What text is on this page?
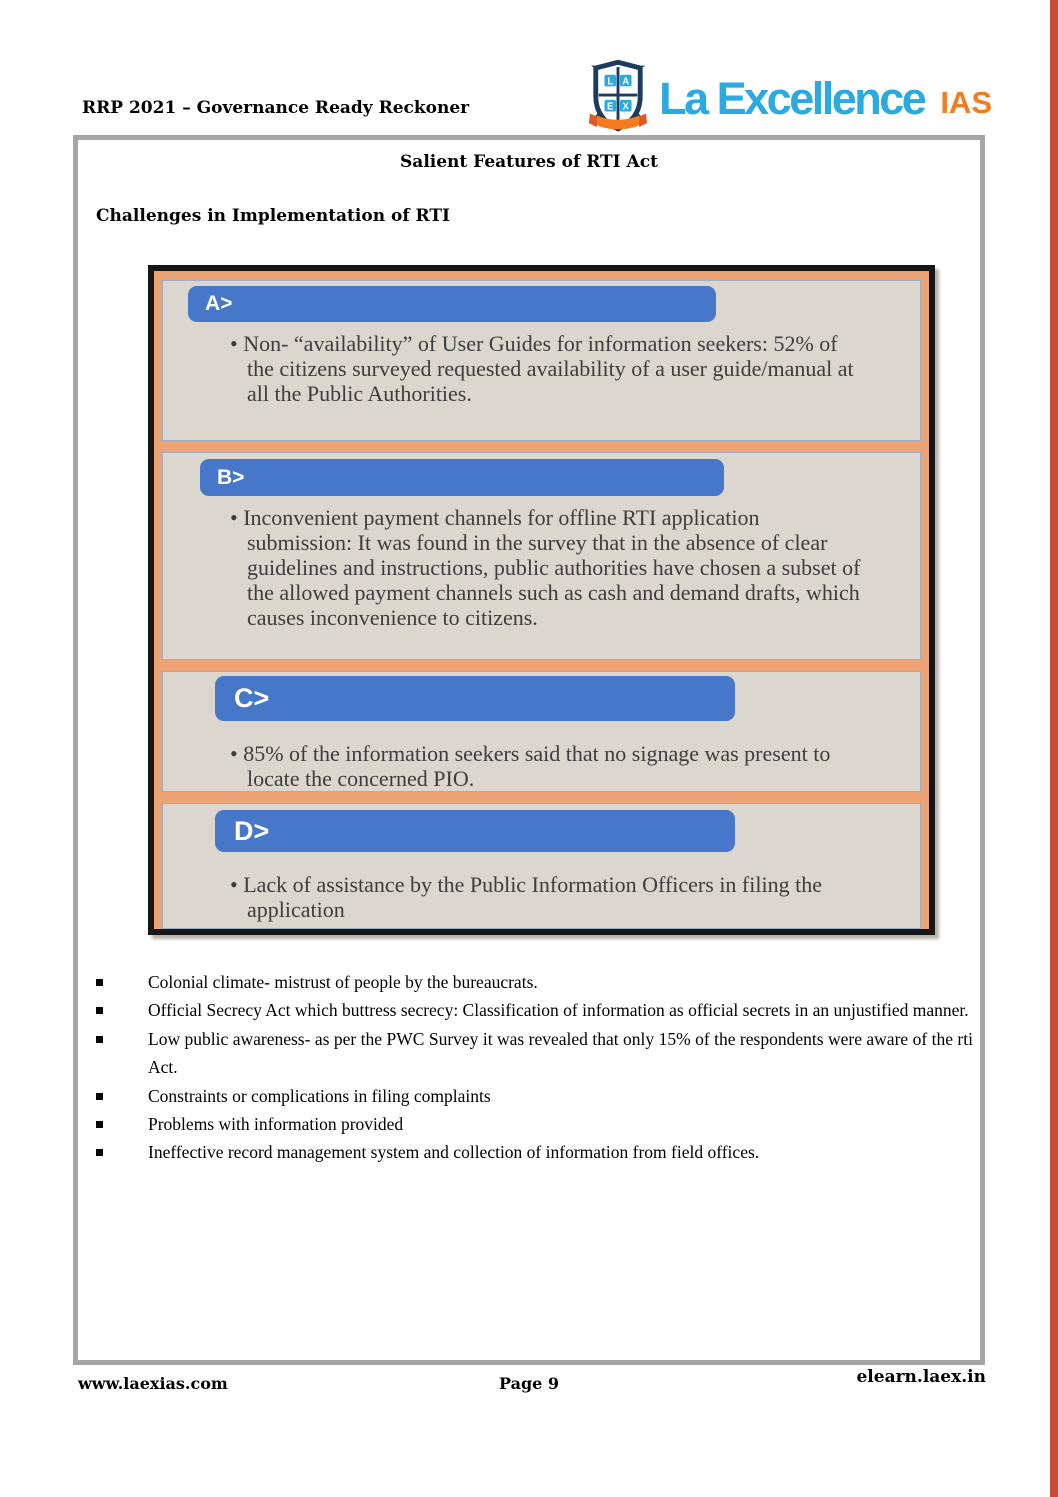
RRP 2021 – Governance Ready Reckoner
L A
E X La Excellence IAS
Salient Features of RTI Act
Challenges in Implementation of RTI
A>
• Non- “availability” of User Guides for information seekers: 52% of the citizens surveyed requested availability of a user guide/manual at all the Public Authorities.
B>
• Inconvenient payment channels for offline RTI application submission: It was found in the survey that in the absence of clear guidelines and instructions, public authorities have chosen a subset of the allowed payment channels such as cash and demand drafts, which causes inconvenience to citizens.
C>
• 85% of the information seekers said that no signage was present to locate the concerned PIO.
D>
• Lack of assistance by the Public Information Officers in filing the application
Colonial climate- mistrust of people by the bureaucrats.
Official Secrecy Act which buttress secrecy: Classification of information as official secrets in an unjustified manner.
Low public awareness- as per the PWC Survey it was revealed that only 15% of the respondents were aware of the rti Act.
Constraints or complications in filing complaints
Problems with information provided
Ineffective record management system and collection of information from field offices.
www.laexias.com	Page 9	elearn.laex.in
